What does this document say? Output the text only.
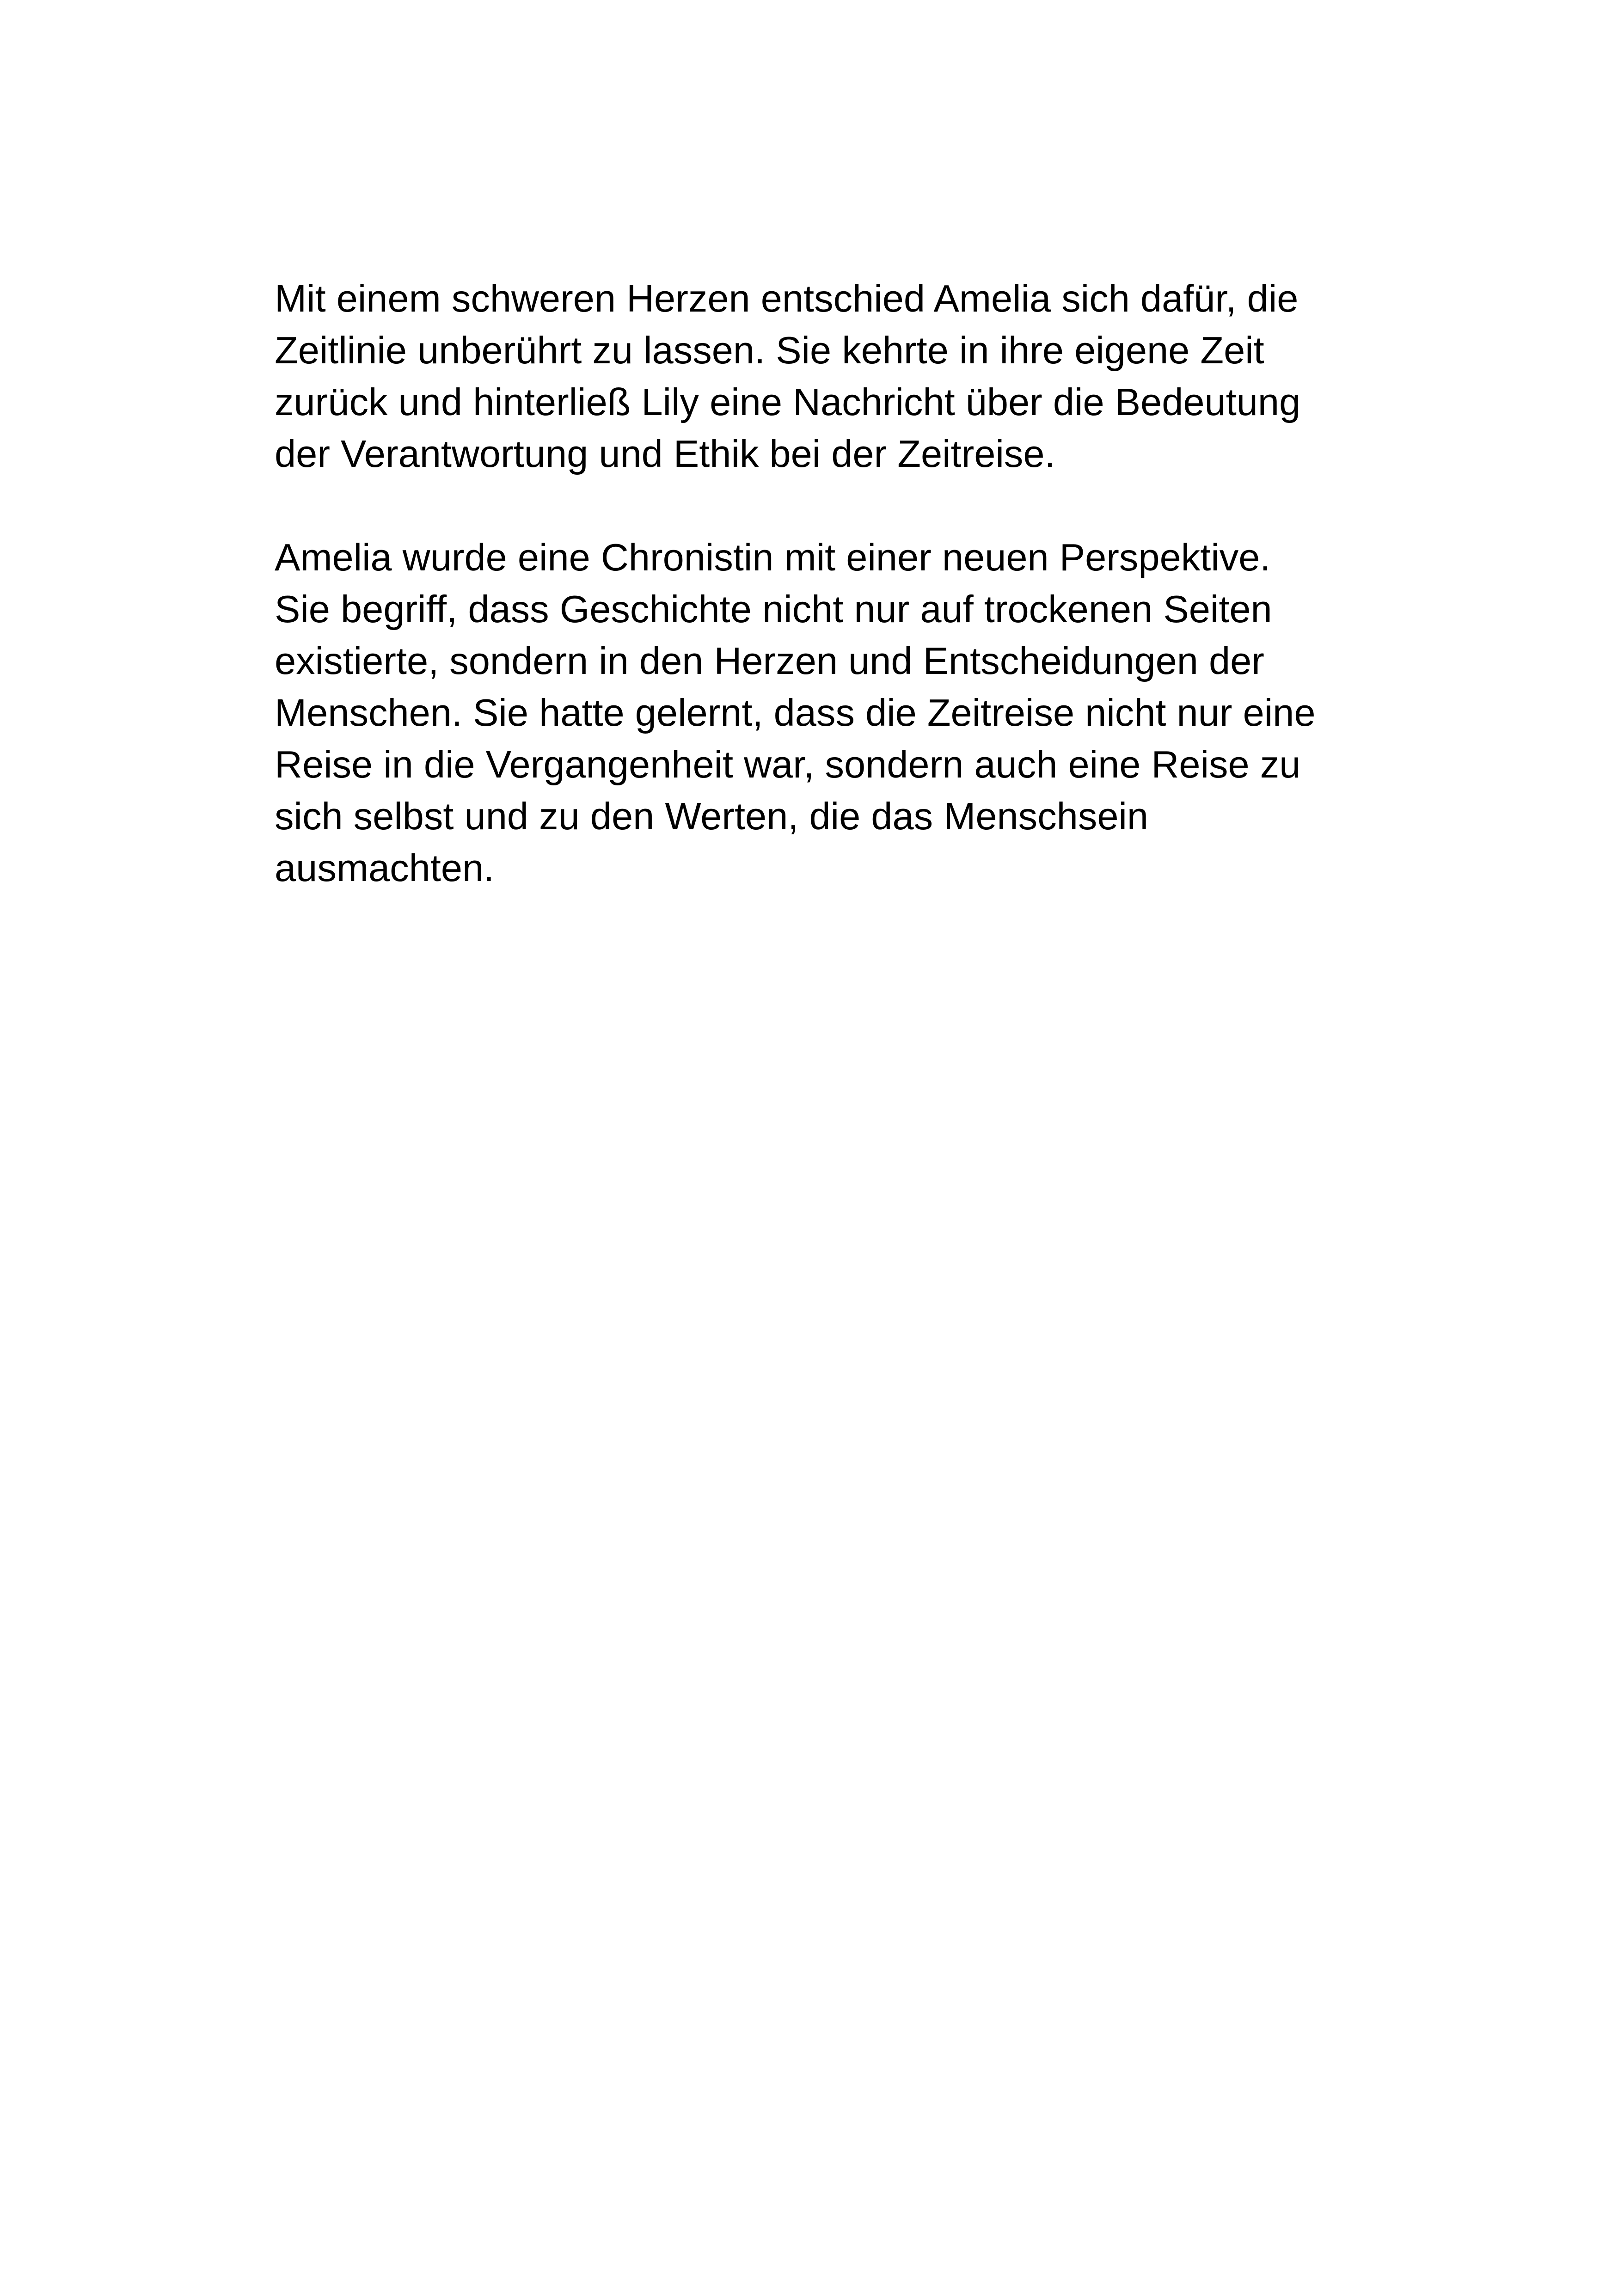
Mit einem schweren Herzen entschied Amelia sich dafür, die
Zeitlinie unberührt zu lassen. Sie kehrte in ihre eigene Zeit
zurück und hinterließ Lily eine Nachricht über die Bedeutung
der Verantwortung und Ethik bei der Zeitreise.
Amelia wurde eine Chronistin mit einer neuen Perspektive.
Sie begriff, dass Geschichte nicht nur auf trockenen Seiten
existierte, sondern in den Herzen und Entscheidungen der
Menschen. Sie hatte gelernt, dass die Zeitreise nicht nur eine
Reise in die Vergangenheit war, sondern auch eine Reise zu
sich selbst und zu den Werten, die das Menschsein
ausmachten.
